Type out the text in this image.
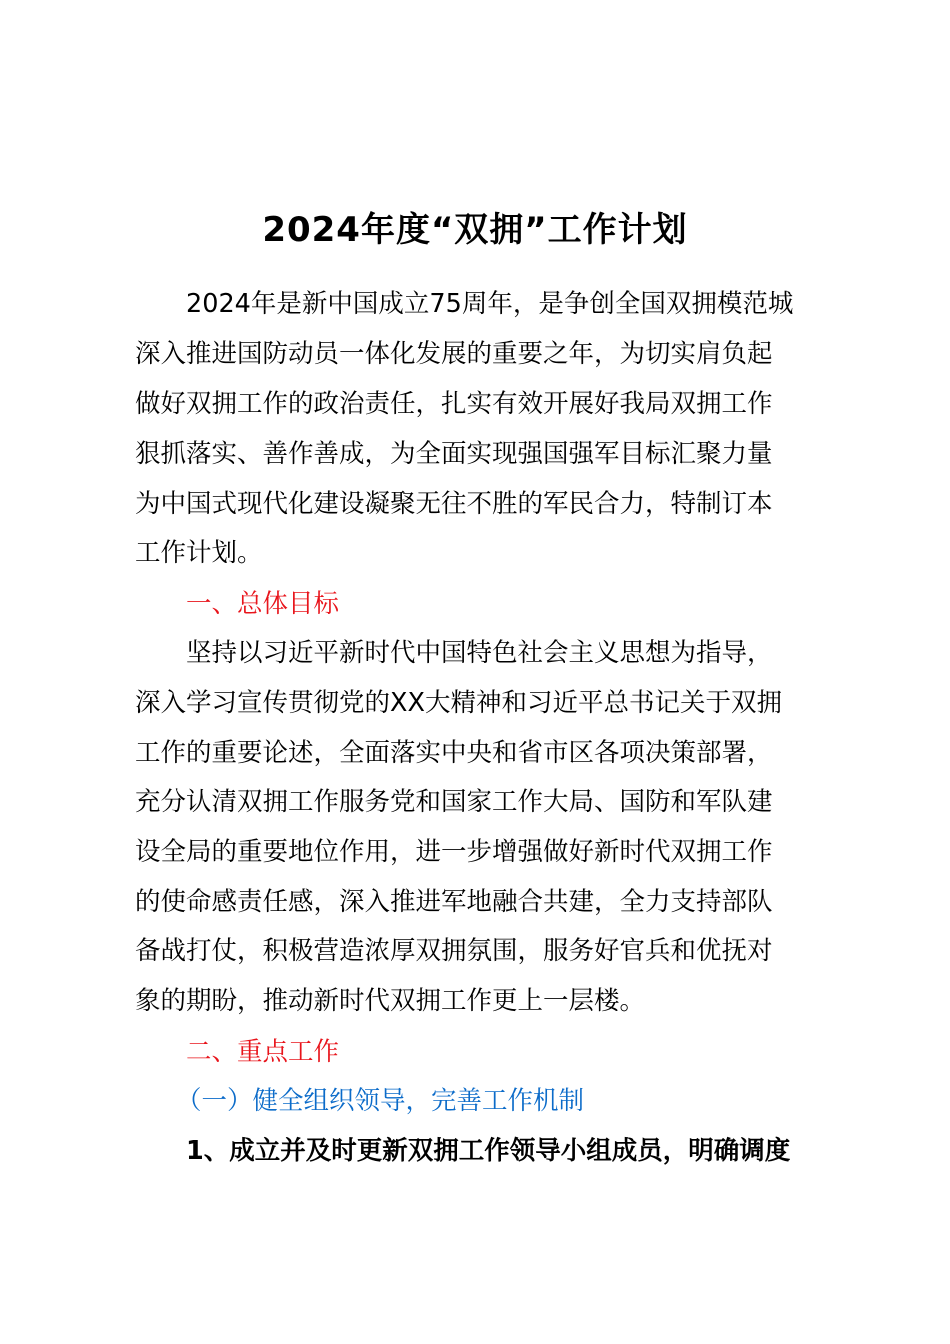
2024年度“双拥”工作计划
2024年是新中国成立75周年，是争创全国双拥模范城
深入推进国防动员一体化发展的重要之年，为切实肩负起
做好双拥工作的政治责任，扎实有效开展好我局双拥工作
狠抓落实、善作善成，为全面实现强国强军目标汇聚力量
为中国式现代化建设凝聚无往不胜的军民合力，特制订本
工作计划。
一、总体目标
坚持以习近平新时代中国特色社会主义思想为指导，
深入学习宣传贯彻党的XX大精神和习近平总书记关于双拥
工作的重要论述，全面落实中央和省市区各项决策部署，
充分认清双拥工作服务党和国家工作大局、国防和军队建
设全局的重要地位作用，进一步增强做好新时代双拥工作
的使命感责任感，深入推进军地融合共建，全力支持部队
备战打仗，积极营造浓厚双拥氛围，服务好官兵和优抚对
象的期盼，推动新时代双拥工作更上一层楼。
二、重点工作
（一）健全组织领导，完善工作机制
1、成立并及时更新双拥工作领导小组成员，明确调度
